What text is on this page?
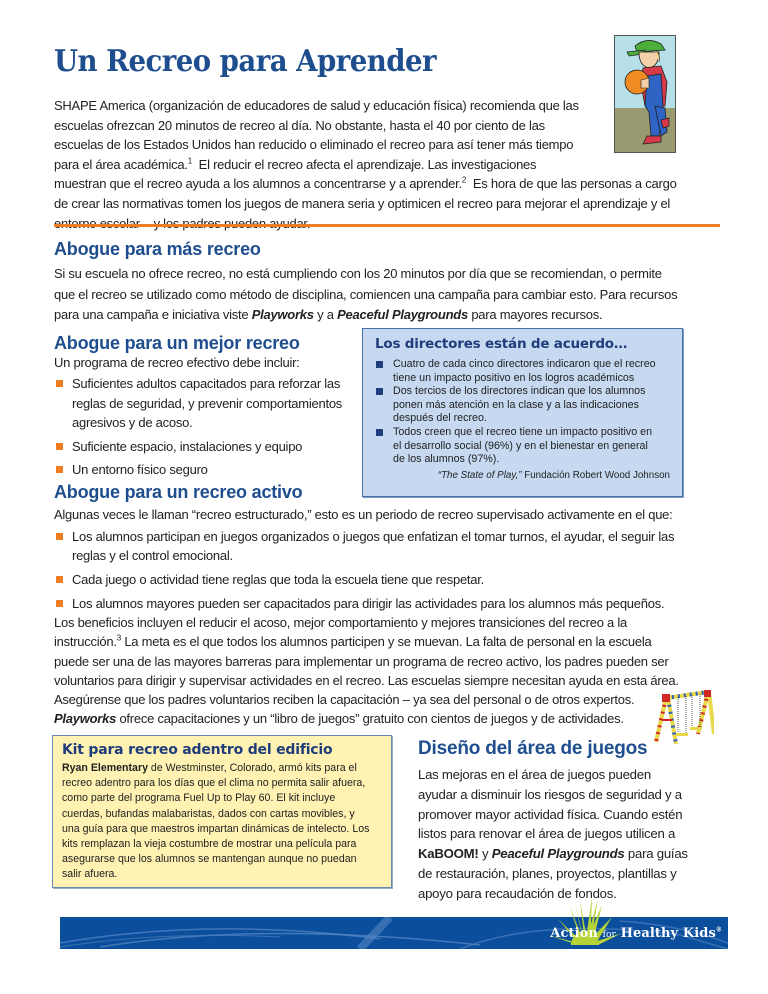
Un Recreo para Aprender
SHAPE America (organización de educadores de salud y educación física) recomienda que las
escuelas ofrezcan 20 minutos de recreo al día. No obstante, hasta el 40 por ciento de las
escuelas de los Estados Unidos han reducido o eliminado el recreo para así tener más tiempo
para el área académica.$^1$ El reducir el recreo afecta el aprendizaje. Las investigaciones
muestran que el recreo ayuda a los alumnos a concentrarse y a aprender.$^2$ Es hora de que las personas a cargo
de crear las normativas tomen los juegos de manera seria y optimicen el recreo para mejorar el aprendizaje y el
Abogue para más recreo
Si su escuela no ofrece recreo, no está cumpliendo con los 20 minutos por día que se recomiendan, o permite
que el recreo se utilizado como método de disciplina, comiencen una campaña para cambiar esto. Para recursos
para una campaña e iniciativa viste Playworks y a Peaceful Playgrounds para mayores recursos.
Abogue para un mejor recreo
Un programa de recreo efectivo debe incluir:
Suficientes adultos capacitados para reforzar las
reglas de seguridad, y prevenir comportamientos
agresivos y de acoso.
Suficiente espacio, instalaciones y equipo
Un entorno físico seguro
Los directores están de acuerdo…
Cuatro de cada cinco directores indicaron que el recreo
tiene un impacto positivo en los logros académicos
Dos tercios de los directores indican que los alumnos
ponen más atención en la clase y a las indicaciones
después del recreo.
Todos creen que el recreo tiene un impacto positivo en
el desarrollo social (96%) y en el bienestar en general
de los alumnos (97%).
“The State of Play,” Fundación Robert Wood Johnson
Abogue para un recreo activo
Algunas veces le llaman “recreo estructurado,” esto es un periodo de recreo supervisado activamente en el que:
Los alumnos participan en juegos organizados o juegos que enfatizan el tomar turnos, el ayudar, el seguir las
reglas y el control emocional.
Cada juego o actividad tiene reglas que toda la escuela tiene que respetar.
Los alumnos mayores pueden ser capacitados para dirigir las actividades para los alumnos más pequeños.
Los beneficios incluyen el reducir el acoso, mejor comportamiento y mejores transiciones del recreo a la
instrucción.$^3$ La meta es el que todos los alumnos participen y se muevan. La falta de personal en la escuela
puede ser una de las mayores barreras para implementar un programa de recreo activo, los padres pueden ser
voluntarios para dirigir y supervisar actividades en el recreo. Las escuelas siempre necesitan ayuda en esta área.
Asegúrense que los padres voluntarios reciben la capacitación – ya sea del personal o de otros expertos.
Playworks ofrece capacitaciones y un “libro de juegos” gratuito con cientos de juegos y de actividades.
Kit para recreo adentro del edificio
Ryan Elementary de Westminster, Colorado, armó kits para el
recreo adentro para los días que el clima no permita salir afuera,
como parte del programa Fuel Up to Play 60. El kit incluye
cuerdas, bufandas malabaristas, dados con cartas movibles, y
una guía para que maestros impartan dinámicas de intelecto. Los
kits remplazan la vieja costumbre de mostrar una película para
asegurarse que los alumnos se mantengan aunque no puedan
salir afuera.
Diseño del área de juegos
Las mejoras en el área de juegos pueden
ayudar a disminuir los riesgos de seguridad y a
promover mayor actividad física. Cuando estén
listos para renovar el área de juegos utilicen a
KaBOOM! y Peaceful Playgrounds para guías
de restauración, planes, proyectos, plantillas y
apoyo para recaudación de fondos.
Action for Healthy Kids®
